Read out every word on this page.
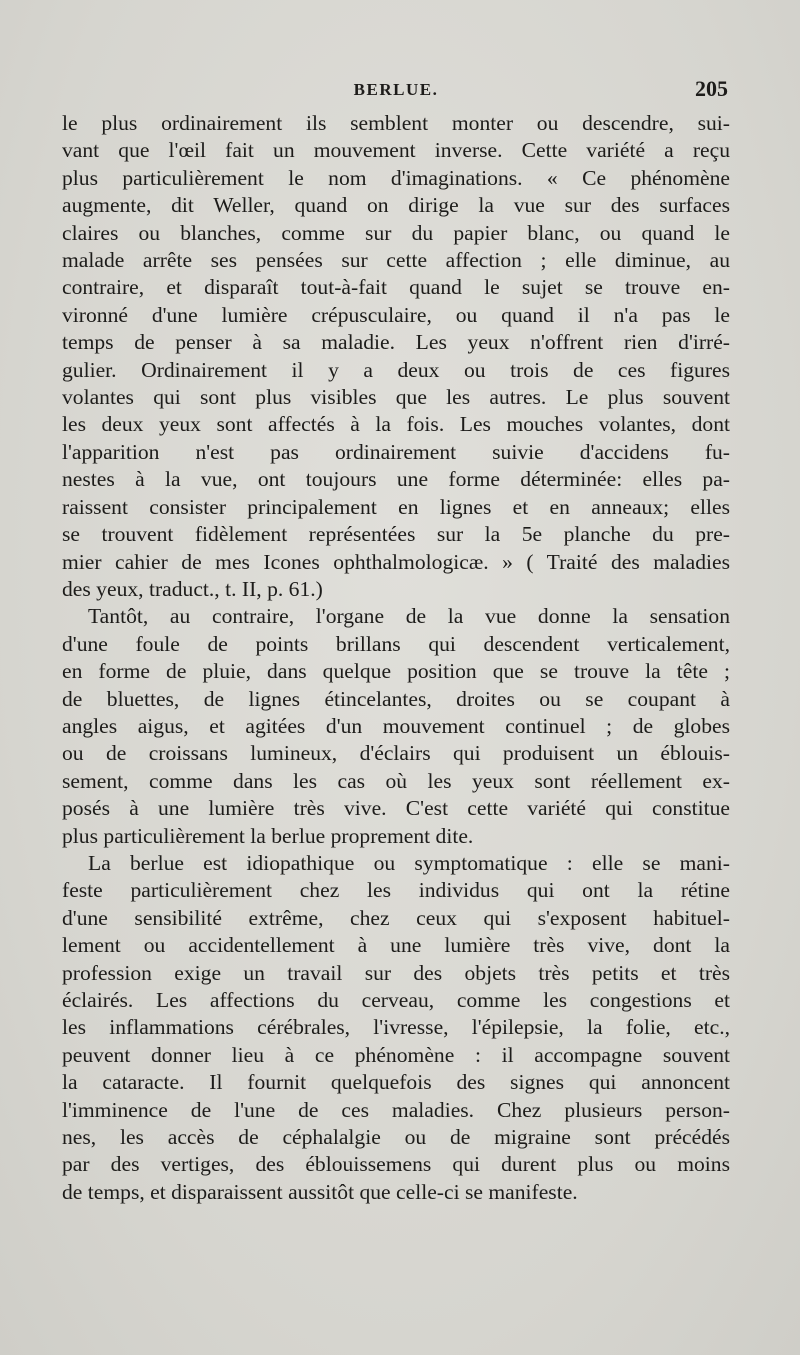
BERLUE.	205

le plus ordinairement ils semblent monter ou descendre, sui-
vant que l'œil fait un mouvement inverse. Cette variété a reçu
plus particulièrement le nom d'imaginations. « Ce phénomène
augmente, dit Weller, quand on dirige la vue sur des surfaces
claires ou blanches, comme sur du papier blanc, ou quand le
malade arrête ses pensées sur cette affection ; elle diminue, au
contraire, et disparaît tout-à-fait quand le sujet se trouve en-
vironné d'une lumière crépusculaire, ou quand il n'a pas le
temps de penser à sa maladie. Les yeux n'offrent rien d'irré-
gulier. Ordinairement il y a deux ou trois de ces figures
volantes qui sont plus visibles que les autres. Le plus souvent
les deux yeux sont affectés à la fois. Les mouches volantes, dont
l'apparition n'est pas ordinairement suivie d'accidens fu-
nestes à la vue, ont toujours une forme déterminée: elles pa-
raissent consister principalement en lignes et en anneaux; elles
se trouvent fidèlement représentées sur la 5e planche du pre-
mier cahier de mes Icones ophthalmologicæ. » ( Traité des maladies
des yeux, traduct., t. II, p. 61.)

Tantôt, au contraire, l'organe de la vue donne la sensation
d'une foule de points brillans qui descendent verticalement,
en forme de pluie, dans quelque position que se trouve la tête ;
de bluettes, de lignes étincelantes, droites ou se coupant à
angles aigus, et agitées d'un mouvement continuel ; de globes
ou de croissans lumineux, d'éclairs qui produisent un éblouis-
sement, comme dans les cas où les yeux sont réellement ex-
posés à une lumière très vive. C'est cette variété qui constitue
plus particulièrement la berlue proprement dite.

La berlue est idiopathique ou symptomatique : elle se mani-
feste particulièrement chez les individus qui ont la rétine
d'une sensibilité extrême, chez ceux qui s'exposent habituel-
lement ou accidentellement à une lumière très vive, dont la
profession exige un travail sur des objets très petits et très
éclairés. Les affections du cerveau, comme les congestions et
les inflammations cérébrales, l'ivresse, l'épilepsie, la folie, etc.,
peuvent donner lieu à ce phénomène : il accompagne souvent
la cataracte. Il fournit quelquefois des signes qui annoncent
l'imminence de l'une de ces maladies. Chez plusieurs person-
nes, les accès de céphalalgie ou de migraine sont précédés
par des vertiges, des éblouissemens qui durent plus ou moins
de temps, et disparaissent aussitôt que celle-ci se manifeste.
